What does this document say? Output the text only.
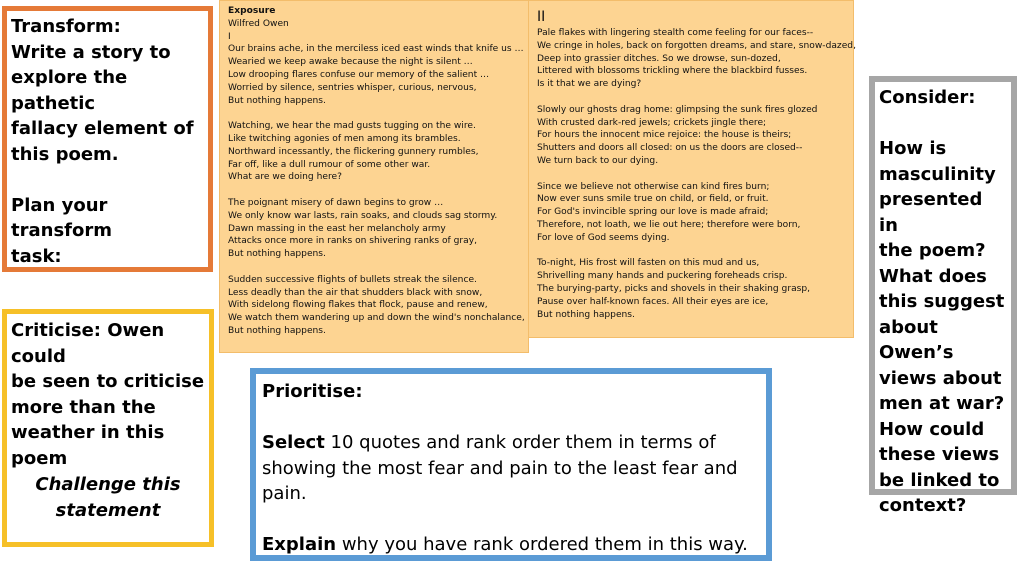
Transform:
Write a story to
explore the pathetic
fallacy element of
this poem.
Plan your transform
task:
Criticise: Owen could
be seen to criticise
more than the
weather in this poem
Challenge this
statement
Exposure
Wilfred Owen
I
Our brains ache, in the merciless iced east winds that knife us …
Wearied we keep awake because the night is silent …
Low drooping flares confuse our memory of the salient …
Worried by silence, sentries whisper, curious, nervous,
But nothing happens.
Watching, we hear the mad gusts tugging on the wire.
Like twitching agonies of men among its brambles.
Northward incessantly, the flickering gunnery rumbles,
Far off, like a dull rumour of some other war.
What are we doing here?
The poignant misery of dawn begins to grow …
We only know war lasts, rain soaks, and clouds sag stormy.
Dawn massing in the east her melancholy army
Attacks once more in ranks on shivering ranks of gray,
But nothing happens.
Sudden successive flights of bullets streak the silence.
Less deadly than the air that shudders black with snow,
With sidelong flowing flakes that flock, pause and renew,
We watch them wandering up and down the wind's nonchalance,
But nothing happens.
II
Pale flakes with lingering stealth come feeling for our faces--
We cringe in holes, back on forgotten dreams, and stare, snow-dazed,
Deep into grassier ditches. So we drowse, sun-dozed,
Littered with blossoms trickling where the blackbird fusses.
Is it that we are dying?
Slowly our ghosts drag home: glimpsing the sunk fires glozed
With crusted dark-red jewels; crickets jingle there;
For hours the innocent mice rejoice: the house is theirs;
Shutters and doors all closed: on us the doors are closed--
We turn back to our dying.
Since we believe not otherwise can kind fires burn;
Now ever suns smile true on child, or field, or fruit.
For God's invincible spring our love is made afraid;
Therefore, not loath, we lie out here; therefore were born,
For love of God seems dying.
To-night, His frost will fasten on this mud and us,
Shrivelling many hands and puckering foreheads crisp.
The burying-party, picks and shovels in their shaking grasp,
Pause over half-known faces. All their eyes are ice,
But nothing happens.
Consider:
How is
masculinity
presented in
the poem?
What does
this suggest
about Owen’s
views about
men at war?
How could
these views
be linked to
context?
Prioritise:
Select 10 quotes and rank order them in terms of
showing the most fear and pain to the least fear and
pain.
Explain why you have rank ordered them in this way.
